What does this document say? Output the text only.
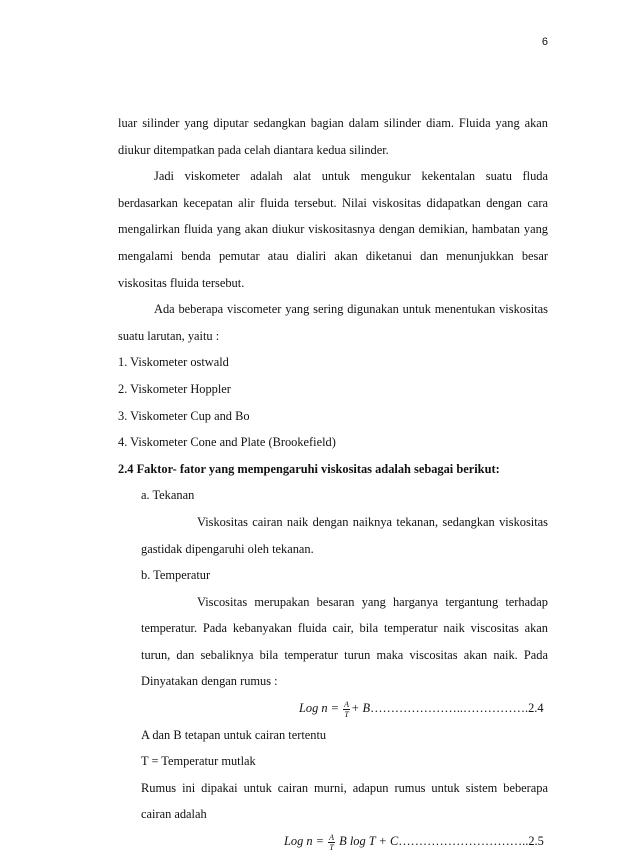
6

luar silinder yang diputar sedangkan bagian dalam silinder diam. Fluida yang akan diukur ditempatkan pada celah diantara kedua silinder.

Jadi viskometer adalah alat untuk mengukur kekentalan suatu fluda berdasarkan kecepatan alir fluida tersebut. Nilai viskositas didapatkan dengan cara mengalirkan fluida yang akan diukur viskositasnya dengan demikian, hambatan yang mengalami benda pemutar atau dialiri akan diketanui dan menunjukkan besar viskositas fluida tersebut.

Ada beberapa viscometer yang sering digunakan untuk menentukan viskositas suatu larutan, yaitu :

1. Viskometer ostwald

2. Viskometer Hoppler

3. Viskometer Cup and Bo

4. Viskometer Cone and Plate (Brookefield)

2.4 Faktor- fator yang mempengaruhi viskositas adalah sebagai berikut:

a. Tekanan

Viskositas cairan naik dengan naiknya tekanan, sedangkan viskositas gastidak dipengaruhi oleh tekanan.

b. Temperatur

Viscositas merupakan besaran yang harganya tergantung terhadap temperatur. Pada kebanyakan fluida cair, bila temperatur naik viscositas akan turun, dan sebaliknya bila temperatur turun maka viscositas akan naik. Pada Dinyatakan dengan rumus :

Log $n = \frac{A}{T}$ + B…………………..…………….2.4

A dan B tetapan untuk cairan tertentu

T = Temperatur mutlak

Rumus ini dipakai untuk cairan murni, adapun rumus untuk sistem beberapa cairan adalah

Log $n = \frac{A}{T}$ B log T + C…………………………..2.5
